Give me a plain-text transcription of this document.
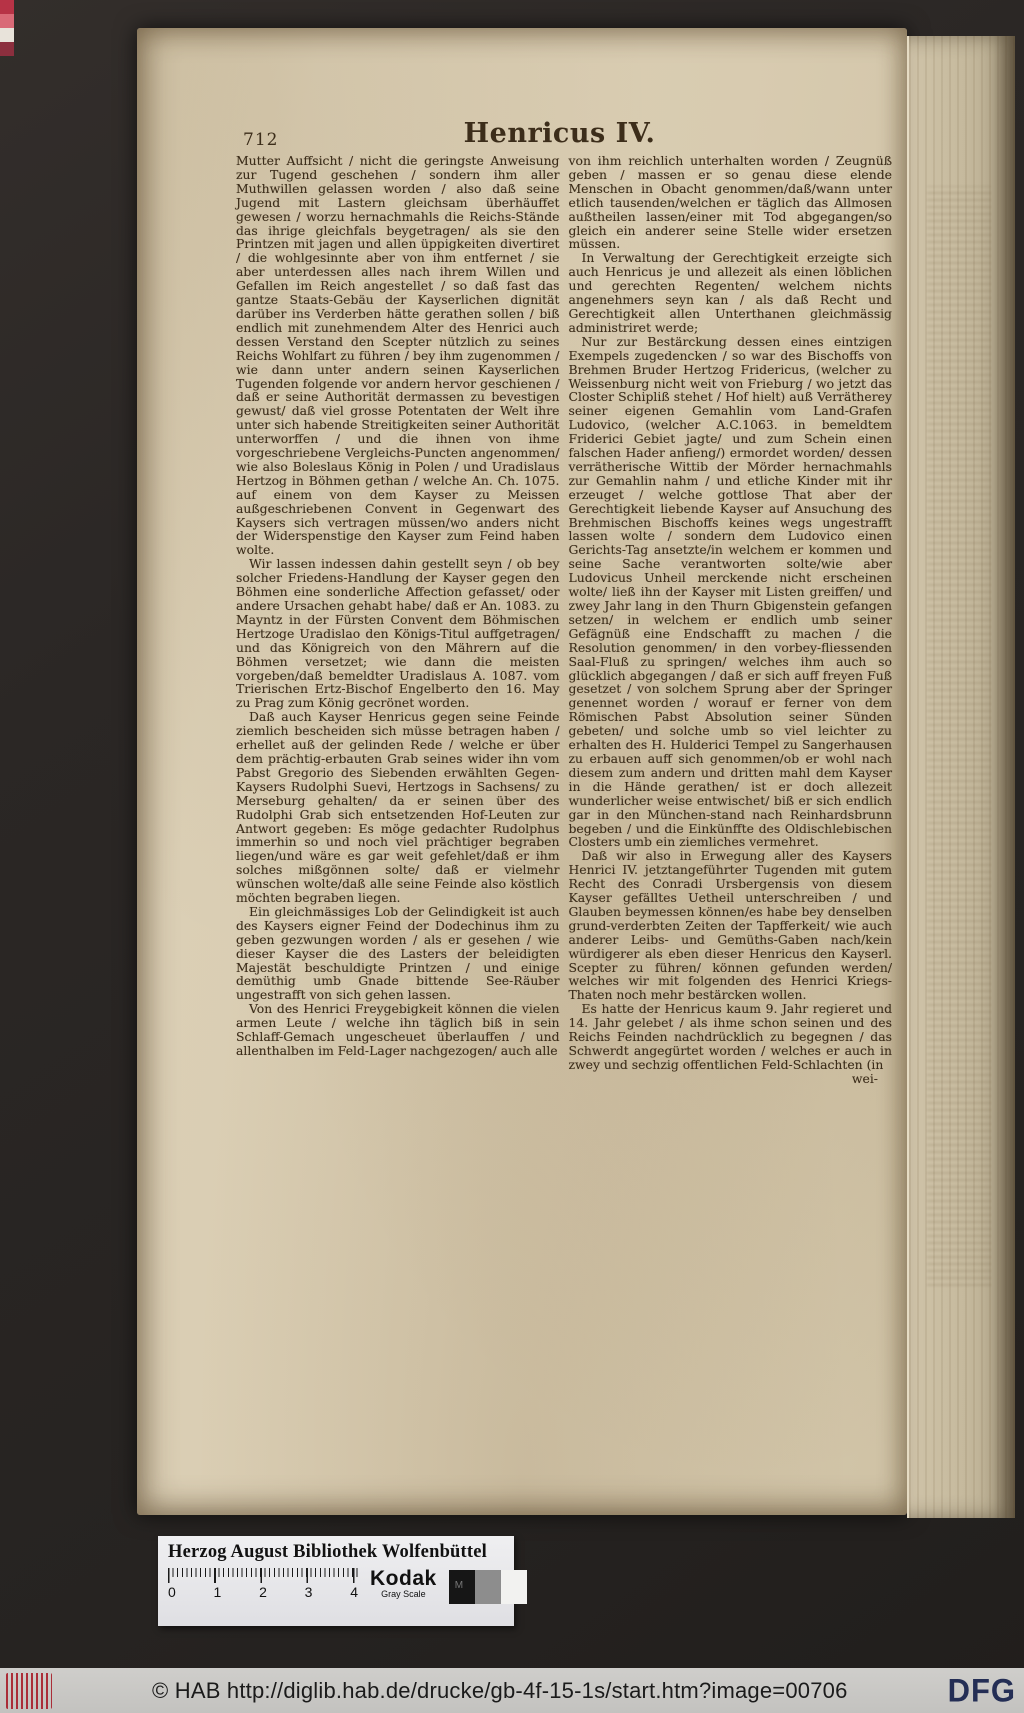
712	Henricus IV.

Mutter Auffsicht / nicht die geringste Anweisung zur Tugend geschehen / sondern ihm aller Muthwillen gelassen worden / also daß seine Jugend mit Lastern gleichsam überhäuffet gewesen / worzu hernachmahls die Reichs-Stände das ihrige gleichfals beygetragen/ als sie den Printzen mit jagen und allen üppigkeiten divertiret / die wohlgesinnte aber von ihm entfernet / sie aber unterdessen alles nach ihrem Willen und Gefallen im Reich angestellet / so daß fast das gantze Staats-Gebäu der Kayserlichen dignität darüber ins Verderben hätte gerathen sollen / biß endlich mit zunehmendem Alter des Henrici auch dessen Verstand den Scepter nützlich zu seines Reichs Wohlfart zu führen / bey ihm zugenommen / wie dann unter andern seinen Kayserlichen Tugenden folgende vor andern hervor geschienen / daß er seine Authorität dermassen zu bevestigen gewust/ daß viel grosse Potentaten der Welt ihre unter sich habende Streitigkeiten seiner Authorität unterworffen / und die ihnen von ihme vorgeschriebene Vergleichs-Puncten angenommen/ wie also Boleslaus König in Polen / und Uradislaus Hertzog in Böhmen gethan / welche An. Ch. 1075. auf einem von dem Kayser zu Meissen außgeschriebenen Convent in Gegenwart des Kaysers sich vertragen müssen/wo anders nicht der Widerspenstige den Kayser zum Feind haben wolte.

Wir lassen indessen dahin gestellt seyn / ob bey solcher Friedens-Handlung der Kayser gegen den Böhmen eine sonderliche Affection gefasset/ oder andere Ursachen gehabt habe/ daß er An. 1083. zu Mayntz in der Fürsten Convent dem Böhmischen Hertzoge Uradislao den Königs-Titul auffgetragen/ und das Königreich von den Mährern auf die Böhmen versetzet; wie dann die meisten vorgeben/daß bemeldter Uradislaus A. 1087. vom Trierischen Ertz-Bischof Engelberto den 16. May zu Prag zum König gecrönet worden.

Daß auch Kayser Henricus gegen seine Feinde ziemlich bescheiden sich müsse betragen haben / erhellet auß der gelinden Rede / welche er über dem prächtig-erbauten Grab seines wider ihn vom Pabst Gregorio des Siebenden erwählten Gegen-Kaysers Rudolphi Suevi, Hertzogs in Sachsens/ zu Merseburg gehalten/ da er seinen über des Rudolphi Grab sich entsetzenden Hof-Leuten zur Antwort gegeben: Es möge gedachter Rudolphus immerhin so und noch viel prächtiger begraben liegen/und wäre es gar weit gefehlet/daß er ihm solches mißgönnen solte/ daß er vielmehr wünschen wolte/daß alle seine Feinde also köstlich möchten begraben liegen.

Ein gleichmässiges Lob der Gelindigkeit ist auch des Kaysers eigner Feind der Dodechinus ihm zu geben gezwungen worden / als er gesehen / wie dieser Kayser die des Lasters der beleidigten Majestät beschuldigte Printzen / und einige demüthig umb Gnade bittende See-Räuber ungestrafft von sich gehen lassen.

Von des Henrici Freygebigkeit können die vielen armen Leute / welche ihn täglich biß in sein Schlaff-Gemach ungescheuet überlauffen / und allenthalben im Feld-Lager nachgezogen/ auch alle

von ihm reichlich unterhalten worden / Zeugnüß geben / massen er so genau diese elende Menschen in Obacht genommen/daß/wann unter etlich tausenden/welchen er täglich das Allmosen außtheilen lassen/einer mit Tod abgegangen/so gleich ein anderer seine Stelle wider ersetzen müssen.

In Verwaltung der Gerechtigkeit erzeigte sich auch Henricus je und allezeit als einen löblichen und gerechten Regenten/ welchem nichts angenehmers seyn kan / als daß Recht und Gerechtigkeit allen Unterthanen gleichmässig administriret werde;

Nur zur Bestärckung dessen eines eintzigen Exempels zugedencken / so war des Bischoffs von Brehmen Bruder Hertzog Fridericus, (welcher zu Weissenburg nicht weit von Frieburg / wo jetzt das Closter Schipliß stehet / Hof hielt) auß Verrätherey seiner eigenen Gemahlin vom Land-Grafen Ludovico, (welcher A.C.1063. in bemeldtem Friderici Gebiet jagte/ und zum Schein einen falschen Hader anfieng/) ermordet worden/ dessen verrätherische Wittib der Mörder hernachmahls zur Gemahlin nahm / und etliche Kinder mit ihr erzeuget / welche gottlose That aber der Gerechtigkeit liebende Kayser auf Ansuchung des Brehmischen Bischoffs keines wegs ungestrafft lassen wolte / sondern dem Ludovico einen Gerichts-Tag ansetzte/in welchem er kommen und seine Sache verantworten solte/wie aber Ludovicus Unheil merckende nicht erscheinen wolte/ ließ ihn der Kayser mit Listen greiffen/ und zwey Jahr lang in den Thurn Gbigenstein gefangen setzen/ in welchem er endlich umb seiner Gefägnüß eine Endschafft zu machen / die Resolution genommen/ in den vorbey-fliessenden Saal-Fluß zu springen/ welches ihm auch so glücklich abgegangen / daß er sich auff freyen Fuß gesetzet / von solchem Sprung aber der Springer genennet worden / worauf er ferner von dem Römischen Pabst Absolution seiner Sünden gebeten/ und solche umb so viel leichter zu erhalten des H. Hulderici Tempel zu Sangerhausen zu erbauen auff sich genommen/ob er wohl nach diesem zum andern und dritten mahl dem Kayser in die Hände gerathen/ ist er doch allezeit wunderlicher weise entwischet/ biß er sich endlich gar in den München-stand nach Reinhardsbrunn begeben / und die Einkünffte des Oldischlebischen Closters umb ein ziemliches vermehret.

Daß wir also in Erwegung aller des Kaysers Henrici IV. jetztangeführter Tugenden mit gutem Recht des Conradi Ursbergensis von diesem Kayser gefälltes Uetheil unterschreiben / und Glauben beymessen können/es habe bey denselben grund-verderbten Zeiten der Tapfferkeit/ wie auch anderer Leibs- und Gemüths-Gaben nach/kein würdigerer als eben dieser Henricus den Kayserl. Scepter zu führen/ können gefunden werden/ welches wir mit folgenden des Henrici Kriegs-Thaten noch mehr bestärcken wollen.

Es hatte der Henricus kaum 9. Jahr regieret und 14. Jahr gelebet / als ihme schon seinen und des Reichs Feinden nachdrücklich zu begegnen / das Schwerdt angegürtet worden / welches er auch in zwey und sechzig offentlichen Feld-Schlachten (in

wei-
Herzog August Bibliothek Wolfenbüttel
0	1	2	3	4
Kodak
Gray Scale
M
© HAB http://diglib.hab.de/drucke/gb-4f-15-1s/start.htm?image=00706	DFG
